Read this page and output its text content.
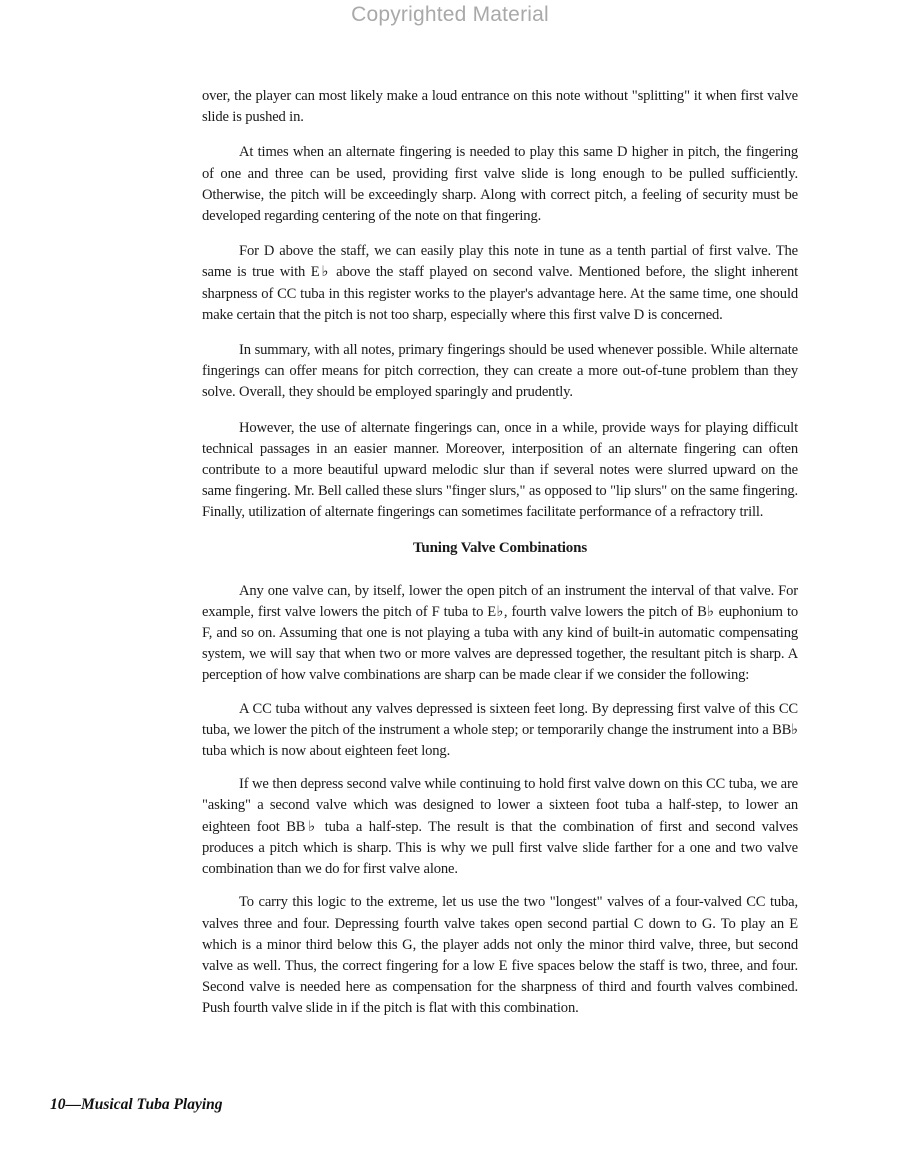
Copyrighted Material

over, the player can most likely make a loud entrance on this note without "splitting" it when first valve slide is pushed in.

At times when an alternate fingering is needed to play this same D higher in pitch, the fingering of one and three can be used, providing first valve slide is long enough to be pulled sufficiently. Otherwise, the pitch will be exceedingly sharp. Along with correct pitch, a feeling of security must be developed regarding centering of the note on that fingering.

For D above the staff, we can easily play this note in tune as a tenth partial of first valve. The same is true with E♭ above the staff played on second valve. Mentioned before, the slight inherent sharpness of CC tuba in this register works to the player's advantage here. At the same time, one should make certain that the pitch is not too sharp, especially where this first valve D is concerned.

In summary, with all notes, primary fingerings should be used whenever possible. While alternate fingerings can offer means for pitch correction, they can create a more out-of-tune problem than they solve. Overall, they should be employed sparingly and prudently.

However, the use of alternate fingerings can, once in a while, provide ways for playing difficult technical passages in an easier manner. Moreover, interposition of an alternate fingering can often contribute to a more beautiful upward melodic slur than if several notes were slurred upward on the same fingering. Mr. Bell called these slurs "finger slurs," as opposed to "lip slurs" on the same fingering. Finally, utilization of alternate fingerings can sometimes facilitate performance of a refractory trill.

Tuning Valve Combinations

Any one valve can, by itself, lower the open pitch of an instrument the interval of that valve. For example, first valve lowers the pitch of F tuba to E♭, fourth valve lowers the pitch of B♭ euphonium to F, and so on. Assuming that one is not playing a tuba with any kind of built-in automatic compensating system, we will say that when two or more valves are depressed together, the resultant pitch is sharp. A perception of how valve combinations are sharp can be made clear if we consider the following:

A CC tuba without any valves depressed is sixteen feet long. By depressing first valve of this CC tuba, we lower the pitch of the instrument a whole step; or temporarily change the instrument into a BB♭ tuba which is now about eighteen feet long.

If we then depress second valve while continuing to hold first valve down on this CC tuba, we are "asking" a second valve which was designed to lower a sixteen foot tuba a half-step, to lower an eighteen foot BB♭ tuba a half-step. The result is that the combination of first and second valves produces a pitch which is sharp. This is why we pull first valve slide farther for a one and two valve combination than we do for first valve alone.

To carry this logic to the extreme, let us use the two "longest" valves of a four-valved CC tuba, valves three and four. Depressing fourth valve takes open second partial C down to G. To play an E which is a minor third below this G, the player adds not only the minor third valve, three, but second valve as well. Thus, the correct fingering for a low E five spaces below the staff is two, three, and four. Second valve is needed here as compensation for the sharpness of third and fourth valves combined. Push fourth valve slide in if the pitch is flat with this combination.

10—Musical Tuba Playing
